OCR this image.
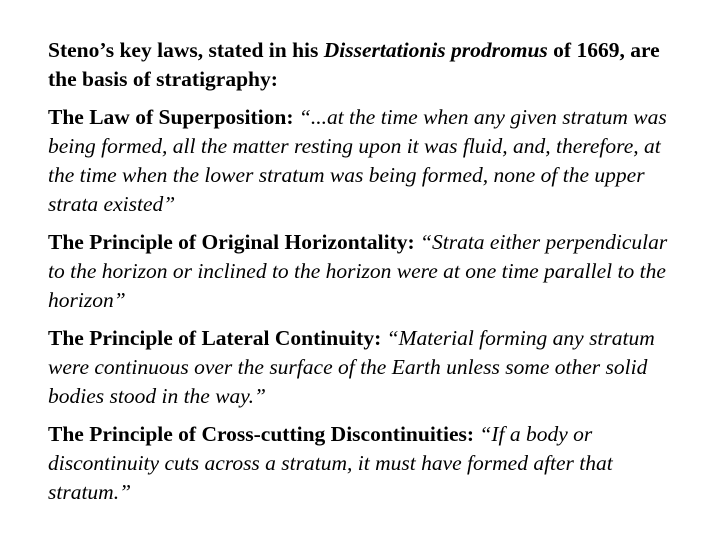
Steno’s key laws, stated in his Dissertationis prodromus of 1669, are the basis of stratigraphy:

The Law of Superposition: “...at the time when any given stratum was being formed, all the matter resting upon it was fluid, and, therefore, at the time when the lower stratum was being formed, none of the upper strata existed”

The Principle of Original Horizontality: “Strata either perpendicular to the horizon or inclined to the horizon were at one time parallel to the horizon”

The Principle of Lateral Continuity: “Material forming any stratum were continuous over the surface of the Earth unless some other solid bodies stood in the way.”

The Principle of Cross-cutting Discontinuities: “If a body or discontinuity cuts across a stratum, it must have formed after that stratum.”
